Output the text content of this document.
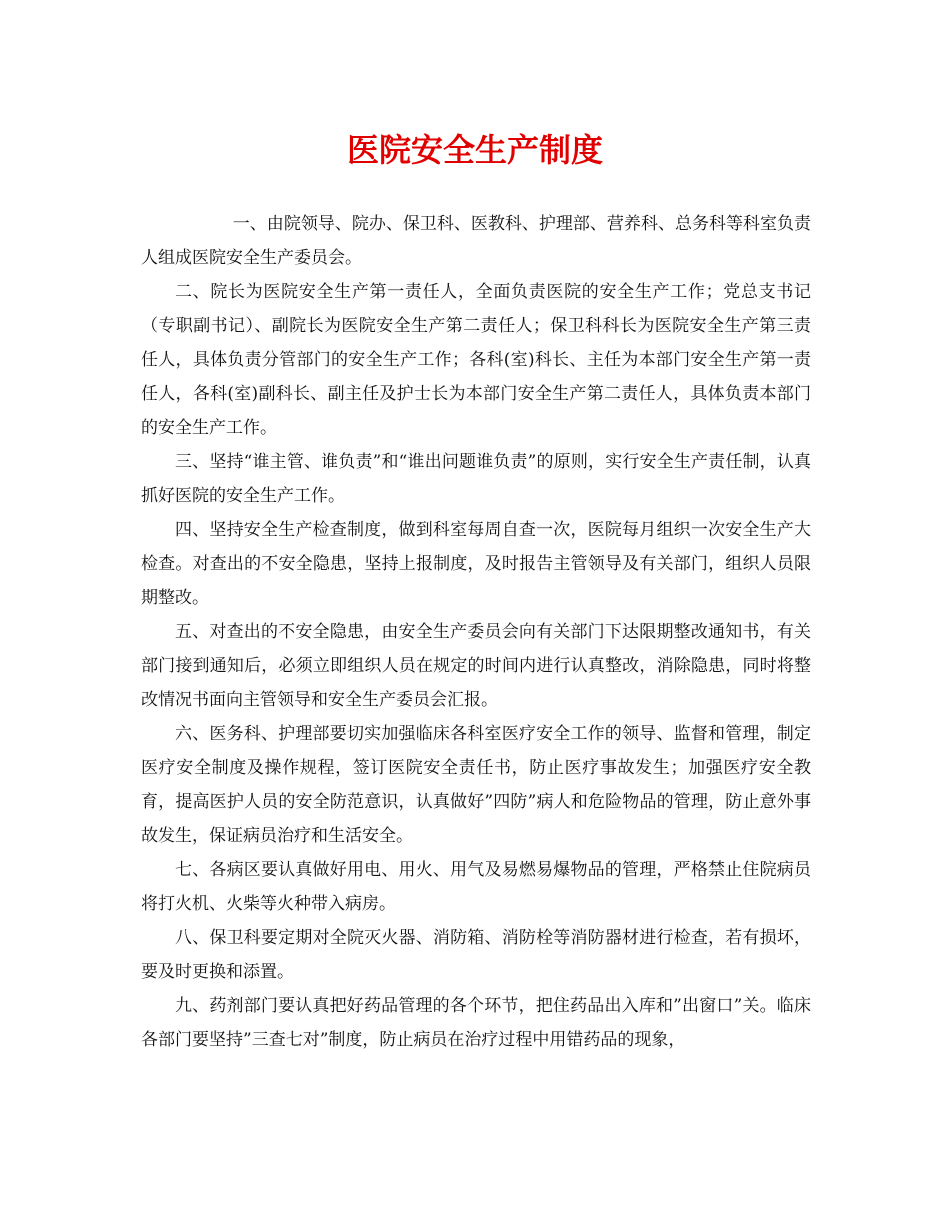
医院安全生产制度

一、由院领导、院办、保卫科、医教科、护理部、营养科、总务科等科室负责人组成医院安全生产委员会。

二、院长为医院安全生产第一责任人，全面负责医院的安全生产工作；党总支书记（专职副书记）、副院长为医院安全生产第二责任人；保卫科科长为医院安全生产第三责任人，具体负责分管部门的安全生产工作；各科(室)科长、主任为本部门安全生产第一责任人，各科(室)副科长、副主任及护士长为本部门安全生产第二责任人，具体负责本部门的安全生产工作。

三、坚持“谁主管、谁负责”和“谁出问题谁负责”的原则，实行安全生产责任制，认真抓好医院的安全生产工作。

四、坚持安全生产检查制度，做到科室每周自查一次，医院每月组织一次安全生产大检查。对查出的不安全隐患，坚持上报制度，及时报告主管领导及有关部门，组织人员限期整改。

五、对查出的不安全隐患，由安全生产委员会向有关部门下达限期整改通知书，有关部门接到通知后，必须立即组织人员在规定的时间内进行认真整改，消除隐患，同时将整改情况书面向主管领导和安全生产委员会汇报。

六、医务科、护理部要切实加强临床各科室医疗安全工作的领导、监督和管理，制定医疗安全制度及操作规程，签订医院安全责任书，防止医疗事故发生；加强医疗安全教育，提高医护人员的安全防范意识，认真做好”四防”病人和危险物品的管理，防止意外事故发生，保证病员治疗和生活安全。

七、各病区要认真做好用电、用火、用气及易燃易爆物品的管理，严格禁止住院病员将打火机、火柴等火种带入病房。

八、保卫科要定期对全院灭火器、消防箱、消防栓等消防器材进行检查，若有损坏，要及时更换和添置。

九、药剂部门要认真把好药品管理的各个环节，把住药品出入库和”出窗口”关。临床各部门要坚持”三查七对”制度，防止病员在治疗过程中用错药品的现象，
